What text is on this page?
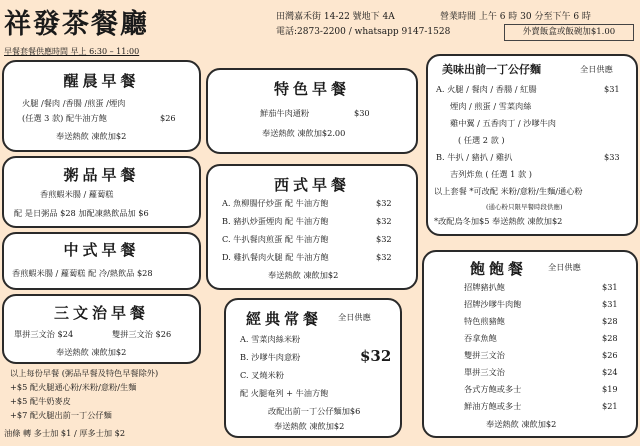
祥發茶餐廳	田灣嘉禾街 14-22 號地下 4A
電話:2873-2200 / whatsapp 9147-1528
營業時間 上午 6 時 30 分至下午 6 時
外賣飯盒或飯碗加$1.00
早餐套餐供應時間 早上 6:30 – 11:00
醒晨早餐
火腿 /餐肉 /香腸 /煎蛋 /煙肉
(任選 3 款) 配牛油方飽	$26
奉送熱飲 凍飲加$2
粥品早餐
香煎蝦米腸 / 蘿蔔糕
配 是日粥品 $28 加配凍熱飲品加 $6
中式早餐
香煎蝦米腸 / 蘿蔔糕 配 冷/熱飲品 $28
三文治早餐
單拼三文治 $24	雙拼三文治 $26
奉送熱飲 凍飲加$2
以上每份早餐 (粥品早餐及特色早餐除外)
+$5 配火腿通心粉/米粉/意粉/生麵
+$5 配牛奶麥皮
+$7 配火腿出前一丁公仔麵
油條 轉 多士加 $1 / 厚多士加 $2
特色早餐
鮮茄牛肉通粉	$30
奉送熱飲 凍飲加$2.00
西式早餐
A. 魚柳腸仔炒蛋 配 牛油方飽	$32
B. 豬扒炒蛋煙肉 配 牛油方飽	$32
C. 牛扒餐肉煎蛋 配 牛油方飽	$32
D. 雞扒餐肉火腿 配 牛油方飽	$32
奉送熱飲 凍飲加$2
經典常餐 全日供應
A. 雪菜肉絲米粉
B. 沙嗲牛肉意粉	$32
C. 叉燒米粉
配 火腿奄列 + 牛油方飽
改配出前一丁公仔麵加$6
奉送熱飲 凍飲加$2
美味出前一丁公仔麵	全日供應
A. 火腿 / 餐肉 / 香腸 / 紅腸	$31
煙肉 / 煎蛋 / 雪菜肉絲
雞中翼 / 五香肉丁 / 沙嗲牛肉
( 任選 2 款 )
B. 牛扒 / 豬扒 / 雞扒	$33
吉列炸魚 ( 任選 1 款 )
以上套餐 *可改配 米粉/意粉/生麵/通心粉
(通心粉只限早餐時段供應)
*改配烏冬加$5 奉送熱飲 凍飲加$2
飽飽餐	全日供應
招牌豬扒飽	$31
招牌沙嗲牛肉飽	$31
特色煎豬飽	$28
吞拿魚飽	$28
雙拼三文治	$26
單拼三文治	$24
各式方飽或多士	$19
鮮油方飽或多士	$21
奉送熱飲 凍飲加$2
